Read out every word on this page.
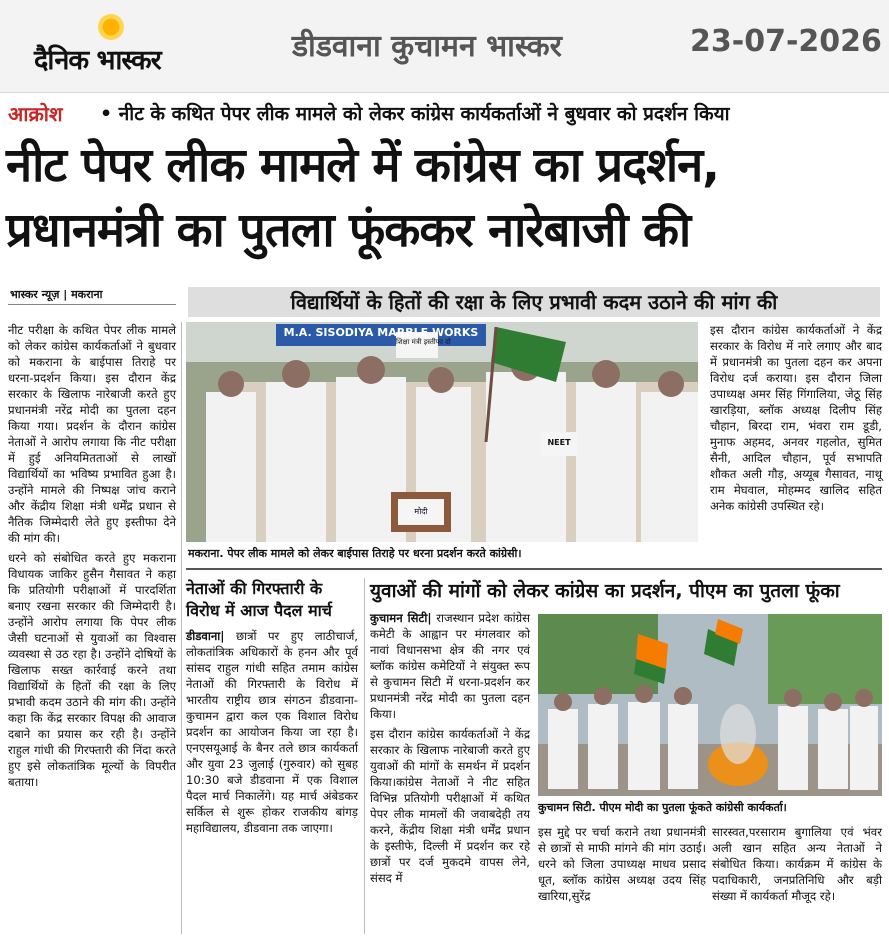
दैनिक भास्कर	डीडवाना कुचामन भास्कर	23-07-2026
आक्रोश • नीट के कथित पेपर लीक मामले को लेकर कांग्रेस कार्यकर्ताओं ने बुधवार को प्रदर्शन किया
नीट पेपर लीक मामले में कांग्रेस का प्रदर्शन,
प्रधानमंत्री का पुतला फूंककर नारेबाजी की
भास्कर न्यूज़ | मकराना	विद्यार्थियों के हितों की रक्षा के लिए प्रभावी कदम उठाने की मांग की

नीट परीक्षा के कथित पेपर लीक मामले को लेकर कांग्रेस कार्यकर्ताओं ने बुधवार को मकराना के बाईपास तिराहे पर धरना-प्रदर्शन किया। इस दौरान केंद्र सरकार के खिलाफ नारेबाजी करते हुए प्रधानमंत्री नरेंद्र मोदी का पुतला दहन किया गया। प्रदर्शन के दौरान कांग्रेस नेताओं ने आरोप लगाया कि नीट परीक्षा में हुई अनियमितताओं से लाखों विद्यार्थियों का भविष्य प्रभावित हुआ है। उन्होंने मामले की निष्पक्ष जांच कराने और केंद्रीय शिक्षा मंत्री धर्मेंद्र प्रधान से नैतिक जिम्मेदारी लेते हुए इस्तीफा देने की मांग की।

धरने को संबोधित करते हुए मकराना विधायक जाकिर हुसैन गैसावत ने कहा कि प्रतियोगी परीक्षाओं में पारदर्शिता बनाए रखना सरकार की जिम्मेदारी है। उन्होंने आरोप लगाया कि पेपर लीक जैसी घटनाओं से युवाओं का विश्वास व्यवस्था से उठ रहा है। उन्होंने दोषियों के खिलाफ सख्त कार्रवाई करने तथा विद्यार्थियों के हितों की रक्षा के लिए प्रभावी कदम उठाने की मांग की। उन्होंने कहा कि केंद्र सरकार विपक्ष की आवाज दबाने का प्रयास कर रही है। उन्होंने राहुल गांधी की गिरफ्तारी की निंदा करते हुए इसे लोकतांत्रिक मूल्यों के विपरीत बताया।

M.A. SISODIYA MARBLE WORKS
शिक्षा मंत्री इस्तीफा दो
NEET
मोदी
मकराना. पेपर लीक मामले को लेकर बाईपास तिराहे पर धरना प्रदर्शन करते कांग्रेसी।
इस दौरान कांग्रेस कार्यकर्ताओं ने केंद्र सरकार के विरोध में नारे लगाए और बाद में प्रधानमंत्री का पुतला दहन कर अपना विरोध दर्ज कराया। इस दौरान जिला उपाध्यक्ष अमर सिंह गिंगालिया, जेठू सिंह खारड़िया, ब्लॉक अध्यक्ष दिलीप सिंह चौहान, बिरदा राम, भंवरा राम डूडी, मुनाफ अहमद, अनवर गहलोत, सुमित सैनी, आदिल चौहान, पूर्व सभापति शौकत अली गौड़, अय्यूब गैसावत, नाथू राम मेघवाल, मोहम्मद खालिद सहित अनेक कांग्रेसी उपस्थित रहे।
नेताओं की गिरफ्तारी के विरोध में आज पैदल मार्च
डीडवाना| छात्रों पर हुए लाठीचार्ज, लोकतांत्रिक अधिकारों के हनन और पूर्व सांसद राहुल गांधी सहित तमाम कांग्रेस नेताओं की गिरफ्तारी के विरोध में भारतीय राष्ट्रीय छात्र संगठन डीडवाना-कुचामन द्वारा कल एक विशाल विरोध प्रदर्शन का आयोजन किया जा रहा है। एनएसयूआई के बैनर तले छात्र कार्यकर्ता और युवा 23 जुलाई (गुरुवार) को सुबह 10:30 बजे डीडवाना में एक विशाल पैदल मार्च निकालेंगे। यह मार्च अंबेडकर सर्किल से शुरू होकर राजकीय बांगड़ महाविद्यालय, डीडवाना तक जाएगा।
युवाओं की मांगों को लेकर कांग्रेस का प्रदर्शन, पीएम का पुतला फूंका

कुचामन सिटी| राजस्थान प्रदेश कांग्रेस कमेटी के आह्वान पर मंगलवार को नावां विधानसभा क्षेत्र की नगर एवं ब्लॉक कांग्रेस कमेटियों ने संयुक्त रूप से कुचामन सिटी में धरना-प्रदर्शन कर प्रधानमंत्री नरेंद्र मोदी का पुतला दहन किया।

इस दौरान कांग्रेस कार्यकर्ताओं ने केंद्र सरकार के खिलाफ नारेबाजी करते हुए युवाओं की मांगों के समर्थन में प्रदर्शन किया।कांग्रेस नेताओं ने नीट सहित विभिन्न प्रतियोगी परीक्षाओं में कथित पेपर लीक मामलों की जवाबदेही तय करने, केंद्रीय शिक्षा मंत्री धर्मेंद्र प्रधान के इस्तीफे, दिल्ली में प्रदर्शन कर रहे छात्रों पर दर्ज मुकदमे वापस लेने, संसद में

कुचामन सिटी. पीएम मोदी का पुतला फूंकते कांग्रेसी कार्यकर्ता।
इस मुद्दे पर चर्चा कराने तथा प्रधानमंत्री से छात्रों से माफी मांगने की मांग उठाई।धरने को जिला उपाध्यक्ष माधव प्रसाद धूत, ब्लॉक कांग्रेस अध्यक्ष उदय सिंह खारिया,सुरेंद्र
सारस्वत,परसाराम बुगालिया एवं भंवर अली खान सहित अन्य नेताओं ने संबोधित किया। कार्यक्रम में कांग्रेस के पदाधिकारी, जनप्रतिनिधि और बड़ी संख्या में कार्यकर्ता मौजूद रहे।
